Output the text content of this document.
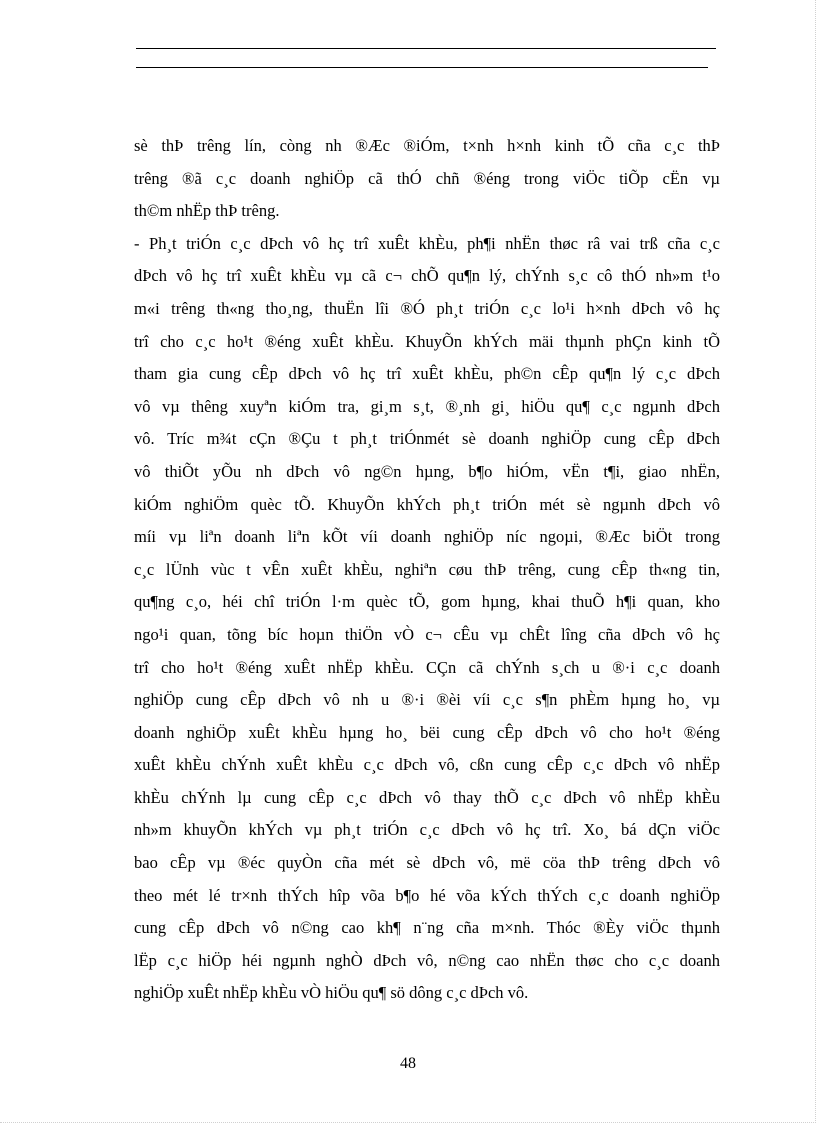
sè thÞ trêng lín, còng nh ®Æc ®iÓm, t×nh h×nh kinh tÕ cña c¸c thÞ
trêng ®ã c¸c doanh nghiÖp cã thÓ chñ ®éng trong viÖc tiÕp cËn vµ
th©m nhËp thÞ trêng.
- Ph¸t triÓn c¸c dÞch vô hç trî xuÊt khÈu, ph¶i nhËn thøc râ vai trß cña c¸c
dÞch vô hç trî xuÊt khÈu vµ cã c¬ chÕ qu¶n lý, chÝnh s¸c cô thÓ nh»m t¹o
m«i trêng th«ng tho¸ng, thuËn lîi ®Ó ph¸t triÓn c¸c lo¹i h×nh dÞch vô hç
trî cho c¸c ho¹t ®éng xuÊt khÈu. KhuyÕn khÝch mäi thµnh phÇn kinh tÕ
tham gia cung cÊp dÞch vô hç trî xuÊt khÈu, ph©n cÊp qu¶n lý c¸c dÞch
vô vµ thêng xuyªn kiÓm tra, gi¸m s¸t, ®¸nh gi¸ hiÖu qu¶ c¸c ngµnh dÞch
vô. Tríc m¾t cÇn ®Çu t ph¸t triÓnmét sè doanh nghiÖp cung cÊp dÞch
vô thiÕt yÕu nh dÞch vô ng©n hµng, b¶o hiÓm, vËn t¶i, giao nhËn,
kiÓm nghiÖm quèc tÕ. KhuyÕn khÝch ph¸t triÓn mét sè ngµnh dÞch vô
míi vµ liªn doanh liªn kÕt víi doanh nghiÖp níc ngoµi, ®Æc biÖt trong
c¸c lÜnh vùc t vÊn xuÊt khÈu, nghiªn cøu thÞ trêng, cung cÊp th«ng tin,
qu¶ng c¸o, héi chî triÓn l·m quèc tÕ, gom hµng, khai thuÕ h¶i quan, kho
ngo¹i quan, tõng bíc hoµn thiÖn vÒ c¬ cÊu vµ chÊt lîng cña dÞch vô hç
trî cho ho¹t ®éng xuÊt nhËp khÈu. CÇn cã chÝnh s¸ch u ®·i c¸c doanh
nghiÖp cung cÊp dÞch vô nh u ®·i ®èi víi c¸c s¶n phÈm hµng ho¸ vµ
doanh nghiÖp xuÊt khÈu hµng ho¸ bëi cung cÊp dÞch vô cho ho¹t ®éng
xuÊt khÈu chÝnh xuÊt khÈu c¸c dÞch vô, cßn cung cÊp c¸c dÞch vô nhËp
khÈu chÝnh lµ cung cÊp c¸c dÞch vô thay thÕ c¸c dÞch vô nhËp khÈu
nh»m khuyÕn khÝch vµ ph¸t triÓn c¸c dÞch vô hç trî. Xo¸ bá dÇn viÖc
bao cÊp vµ ®éc quyÒn cña mét sè dÞch vô, më cöa thÞ trêng dÞch vô
theo mét lé tr×nh thÝch hîp võa b¶o hé võa kÝch thÝch c¸c doanh nghiÖp
cung cÊp dÞch vô n©ng cao kh¶ n¨ng cña m×nh. Thóc ®Èy viÖc thµnh
lËp c¸c hiÖp héi ngµnh nghÒ dÞch vô, n©ng cao nhËn thøc cho c¸c doanh
nghiÖp xuÊt nhËp khÈu vÒ hiÖu qu¶ sö dông c¸c dÞch vô.
48
